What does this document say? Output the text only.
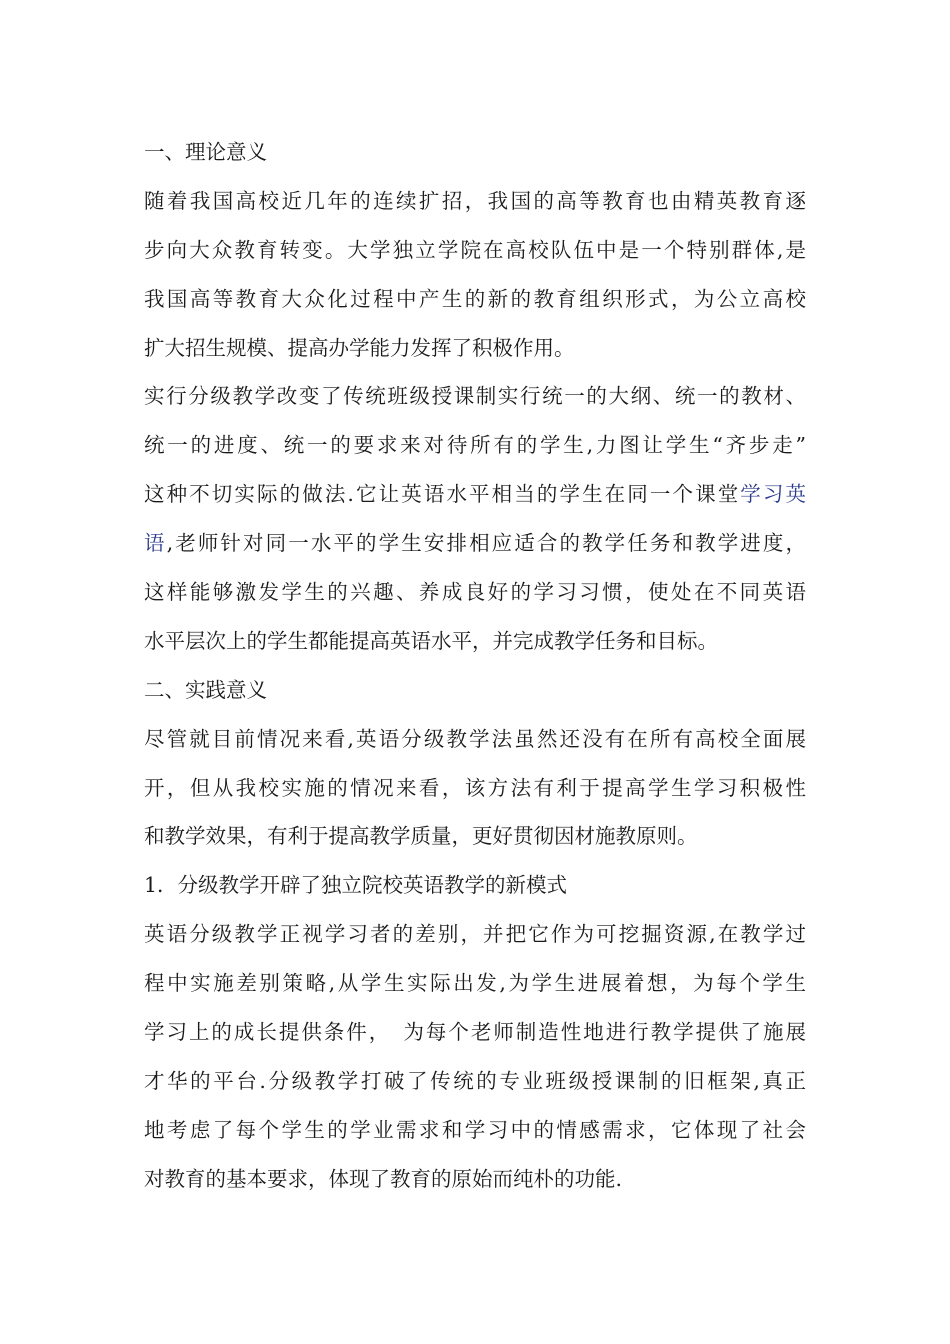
一、理论意义
随着我国高校近几年的连续扩招，我国的高等教育也由精英教育逐
步向大众教育转变。大学独立学院在高校队伍中是一个特别群体,是
我国高等教育大众化过程中产生的新的教育组织形式，为公立高校
扩大招生规模、提高办学能力发挥了积极作用。
实行分级教学改变了传统班级授课制实行统一的大纲、统一的教材、
统一的进度、统一的要求来对待所有的学生,力图让学生“齐步走”
这种不切实际的做法.它让英语水平相当的学生在同一个课堂学习英
语,老师针对同一水平的学生安排相应适合的教学任务和教学进度，
这样能够激发学生的兴趣、养成良好的学习习惯，使处在不同英语
水平层次上的学生都能提高英语水平，并完成教学任务和目标。
二、实践意义
尽管就目前情况来看,英语分级教学法虽然还没有在所有高校全面展
开，但从我校实施的情况来看，该方法有利于提高学生学习积极性
和教学效果，有利于提高教学质量，更好贯彻因材施教原则。
1．分级教学开辟了独立院校英语教学的新模式
英语分级教学正视学习者的差别，并把它作为可挖掘资源,在教学过
程中实施差别策略,从学生实际出发,为学生进展着想，为每个学生
学习上的成长提供条件，　为每个老师制造性地进行教学提供了施展
才华的平台.分级教学打破了传统的专业班级授课制的旧框架,真正
地考虑了每个学生的学业需求和学习中的情感需求，它体现了社会
对教育的基本要求，体现了教育的原始而纯朴的功能.
